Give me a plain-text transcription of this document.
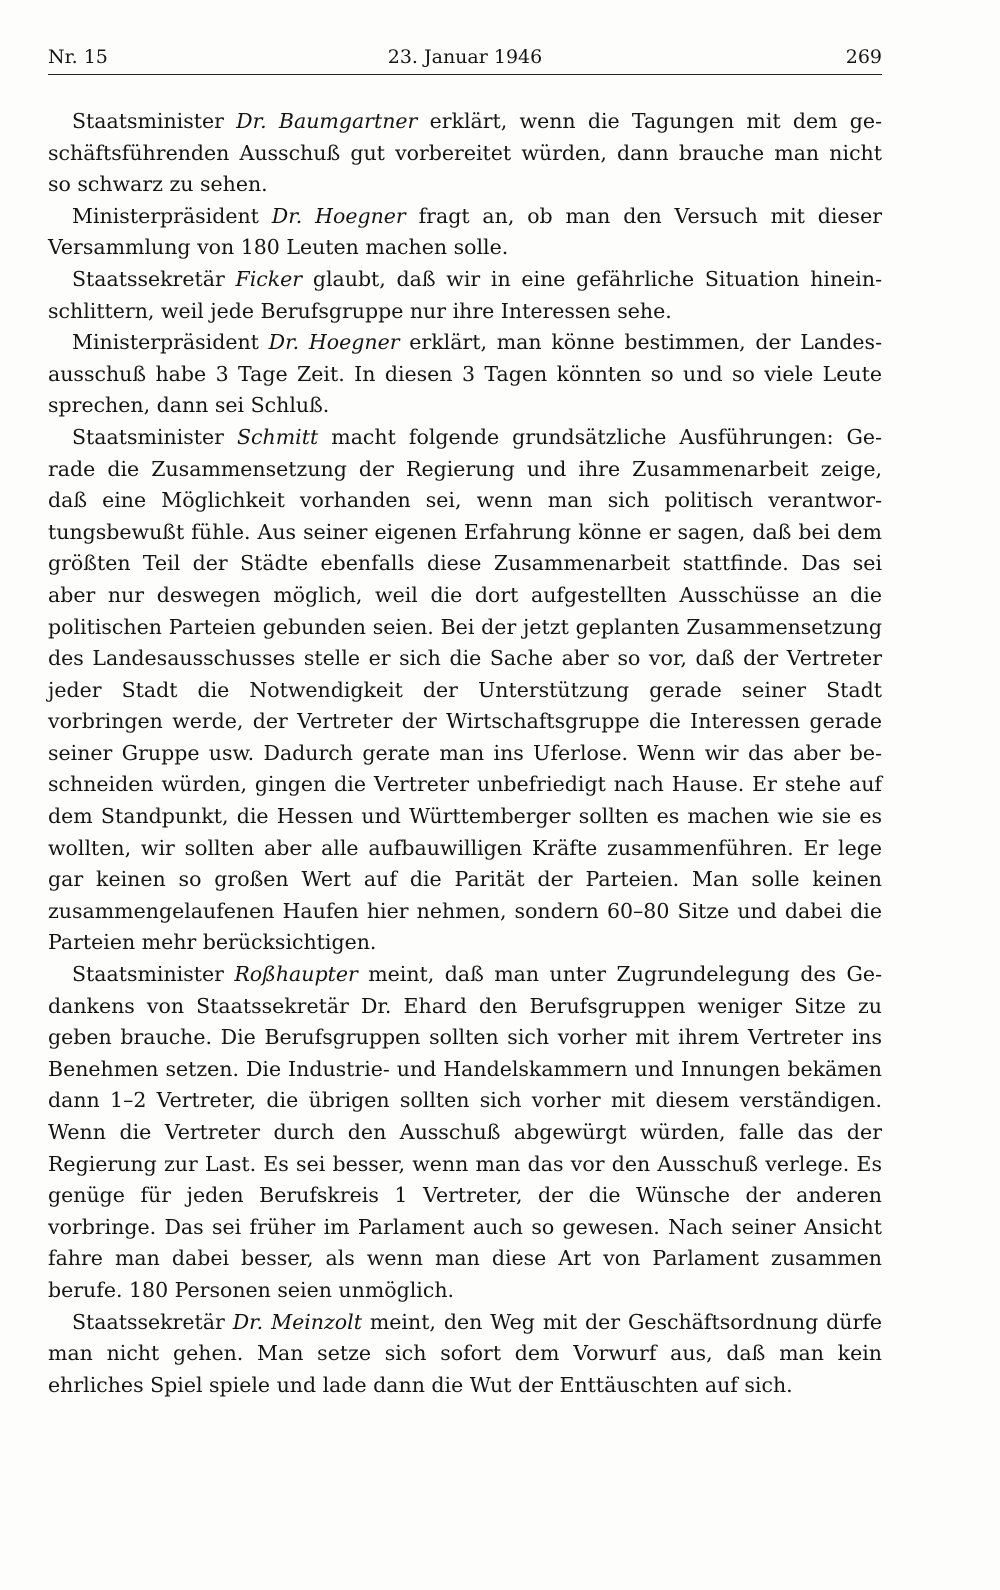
Nr. 15	23. Januar 1946	269

Staatsminister Dr. Baumgartner erklärt, wenn die Tagungen mit dem geschäftsführenden Ausschuß gut vorbereitet würden, dann brauche man nicht so schwarz zu sehen.

Ministerpräsident Dr. Hoegner fragt an, ob man den Versuch mit dieser Versammlung von 180 Leuten machen solle.

Staatssekretär Ficker glaubt, daß wir in eine gefährliche Situation hineinschlittern, weil jede Berufsgruppe nur ihre Interessen sehe.

Ministerpräsident Dr. Hoegner erklärt, man könne bestimmen, der Landesausschuß habe 3 Tage Zeit. In diesen 3 Tagen könnten so und so viele Leute sprechen, dann sei Schluß.

Staatsminister Schmitt macht folgende grundsätzliche Ausführungen: Gerade die Zusammensetzung der Regierung und ihre Zusammenarbeit zeige, daß eine Möglichkeit vorhanden sei, wenn man sich politisch verantwortungsbewußt fühle. Aus seiner eigenen Erfahrung könne er sagen, daß bei dem größten Teil der Städte ebenfalls diese Zusammenarbeit stattfinde. Das sei aber nur deswegen möglich, weil die dort aufgestellten Ausschüsse an die politischen Parteien gebunden seien. Bei der jetzt geplanten Zusammensetzung des Landesausschusses stelle er sich die Sache aber so vor, daß der Vertreter jeder Stadt die Notwendigkeit der Unterstützung gerade seiner Stadt vorbringen werde, der Vertreter der Wirtschaftsgruppe die Interessen gerade seiner Gruppe usw. Dadurch gerate man ins Uferlose. Wenn wir das aber beschneiden würden, gingen die Vertreter unbefriedigt nach Hause. Er stehe auf dem Standpunkt, die Hessen und Württemberger sollten es machen wie sie es wollten, wir sollten aber alle aufbauwilligen Kräfte zusammenführen. Er lege gar keinen so großen Wert auf die Parität der Parteien. Man solle keinen zusammengelaufenen Haufen hier nehmen, sondern 60–80 Sitze und dabei die Parteien mehr berücksichtigen.

Staatsminister Roßhaupter meint, daß man unter Zugrundelegung des Gedankens von Staatssekretär Dr. Ehard den Berufsgruppen weniger Sitze zu geben brauche. Die Berufsgruppen sollten sich vorher mit ihrem Vertreter ins Benehmen setzen. Die Industrie- und Handelskammern und Innungen bekämen dann 1–2 Vertreter, die übrigen sollten sich vorher mit diesem verständigen. Wenn die Vertreter durch den Ausschuß abgewürgt würden, falle das der Regierung zur Last. Es sei besser, wenn man das vor den Ausschuß verlege. Es genüge für jeden Berufskreis 1 Vertreter, der die Wünsche der anderen vorbringe. Das sei früher im Parlament auch so gewesen. Nach seiner Ansicht fahre man dabei besser, als wenn man diese Art von Parlament zusammen berufe. 180 Personen seien unmöglich.

Staatssekretär Dr. Meinzolt meint, den Weg mit der Geschäftsordnung dürfe man nicht gehen. Man setze sich sofort dem Vorwurf aus, daß man kein ehrliches Spiel spiele und lade dann die Wut der Enttäuschten auf sich.
